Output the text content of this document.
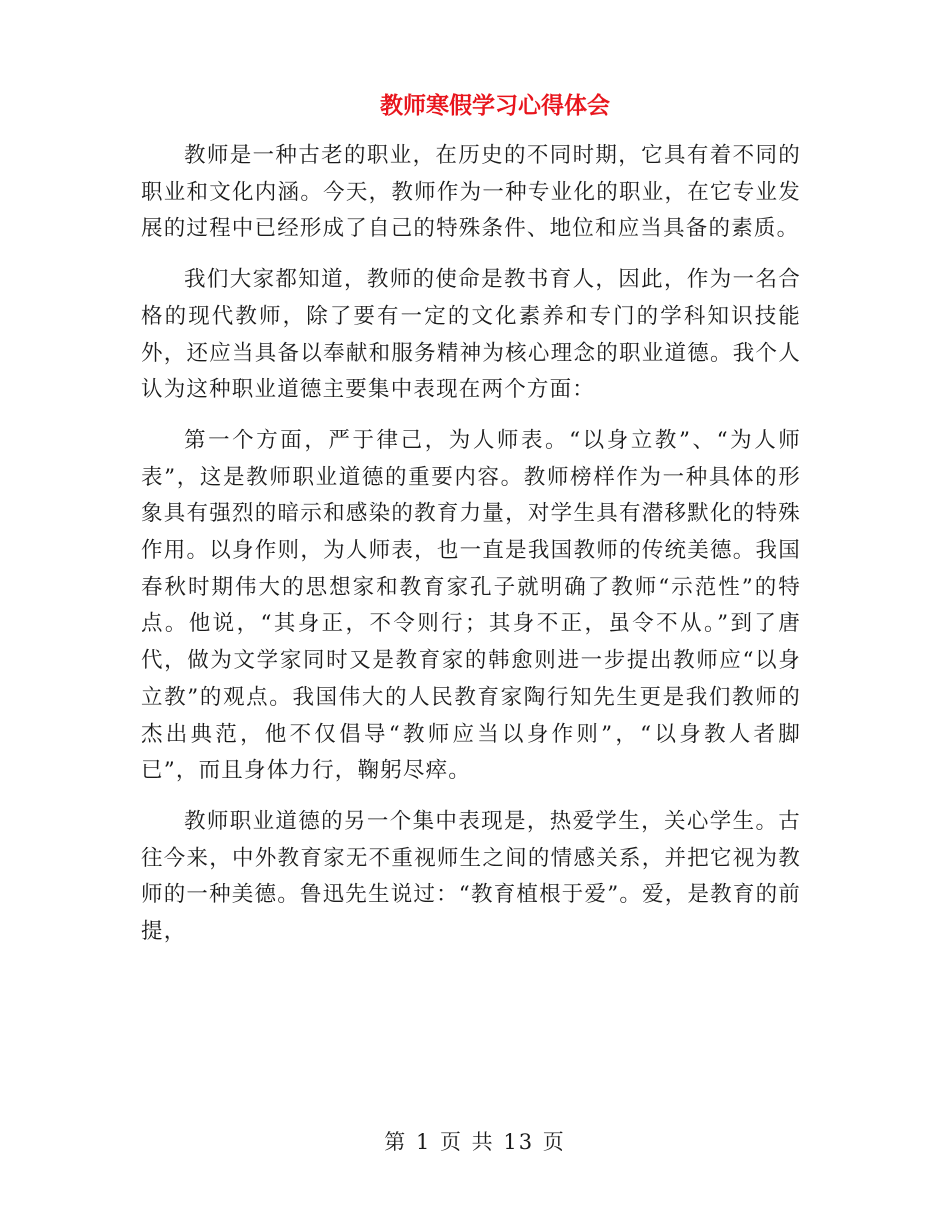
教师寒假学习心得体会

教师是一种古老的职业，在历史的不同时期，它具有着不同的职业和文化内涵。今天，教师作为一种专业化的职业，在它专业发展的过程中已经形成了自己的特殊条件、地位和应当具备的素质。

我们大家都知道，教师的使命是教书育人，因此，作为一名合格的现代教师，除了要有一定的文化素养和专门的学科知识技能外，还应当具备以奉献和服务精神为核心理念的职业道德。我个人认为这种职业道德主要集中表现在两个方面：

第一个方面，严于律己，为人师表。“以身立教”、“为人师表”，这是教师职业道德的重要内容。教师榜样作为一种具体的形象具有强烈的暗示和感染的教育力量，对学生具有潜移默化的特殊作用。以身作则，为人师表，也一直是我国教师的传统美德。我国春秋时期伟大的思想家和教育家孔子就明确了教师“示范性”的特点。他说，“其身正，不令则行；其身不正，虽令不从。”到了唐代，做为文学家同时又是教育家的韩愈则进一步提出教师应“以身立教”的观点。我国伟大的人民教育家陶行知先生更是我们教师的杰出典范，他不仅倡导“教师应当以身作则”，“以身教人者脚已”，而且身体力行，鞠躬尽瘁。

教师职业道德的另一个集中表现是，热爱学生，关心学生。古往今来，中外教育家无不重视师生之间的情感关系，并把它视为教师的一种美德。鲁迅先生说过：“教育植根于爱”。爱，是教育的前提，

第 1 页 共 13 页
